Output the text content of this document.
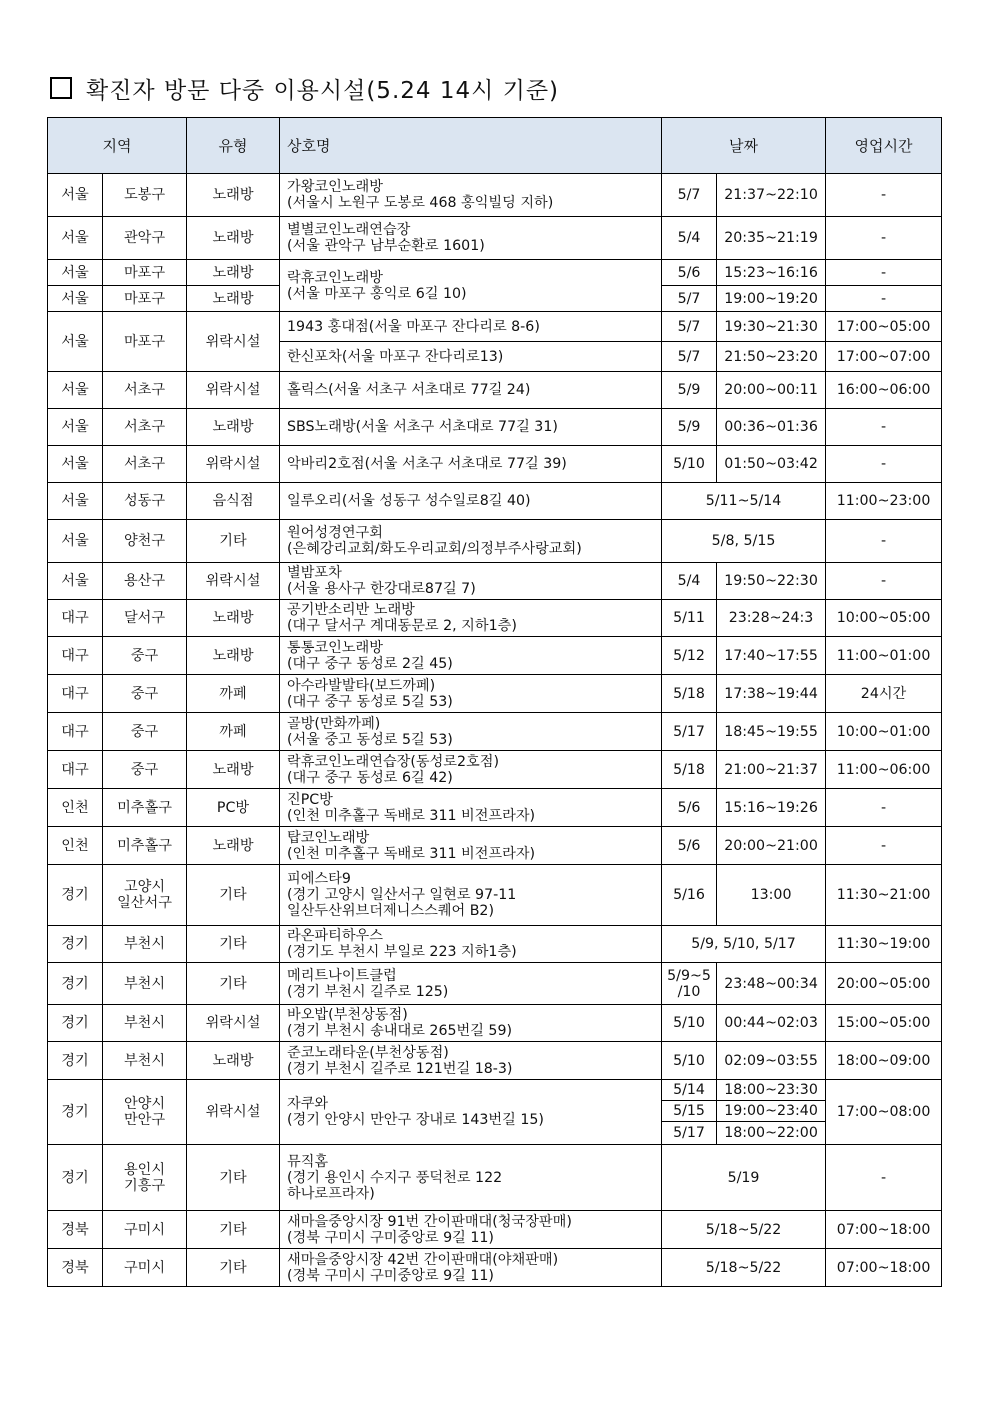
확진자 방문 다중 이용시설(5.24 14시 기준)
지역		유형	상호명	날짜		영업시간
서울	도봉구	노래방	가왕코인노래방
(서울시 노원구 도봉로 468 홍익빌딩 지하)	5/7	21:37~22:10	-
서울	관악구	노래방	별별코인노래연습장
(서울 관악구 남부순환로 1601)	5/4	20:35~21:19	-
서울	마포구	노래방	락휴코인노래방
(서울 마포구 홍익로 6길 10)	5/6	15:23~16:16	-
서울	마포구	노래방		5/7	19:00~19:20	-
서울	마포구	위락시설	1943 홍대점(서울 마포구 잔다리로 8-6)	5/7	19:30~21:30	17:00~05:00

			한신포차(서울 마포구 잔다리로13)	5/7	21:50~23:20	17:00~07:00
서울	서초구	위락시설	홀릭스(서울 서초구 서초대로 77길 24)	5/9	20:00~00:11	16:00~06:00
서울	서초구	노래방	SBS노래방(서울 서초구 서초대로 77길 31)	5/9	00:36~01:36	-
서울	서초구	위락시설	악바리2호점(서울 서초구 서초대로 77길 39)	5/10	01:50~03:42	-
서울	성동구	음식점	일루오리(서울 성동구 성수일로8길 40)	5/11~5/14		11:00~23:00
서울	양천구	기타	원어성경연구회
(은혜강리교회/화도우리교회/의정부주사랑교회)	5/8, 5/15		-
서울	용산구	위락시설	별밤포차
(서울 용사구 한강대로87길 7)	5/4	19:50~22:30	-
대구	달서구	노래방	공기반소리반 노래방
(대구 달서구 계대동문로 2, 지하1층)	5/11	23:28~24:3	10:00~05:00
대구	중구	노래방	통통코인노래방
(대구 중구 동성로 2길 45)	5/12	17:40~17:55	11:00~01:00
대구	중구	까페	아수라발발타(보드까페)
(대구 중구 동성로 5길 53)	5/18	17:38~19:44	24시간
대구	중구	까페	골방(만화까페)
(서울 중고 동성로 5길 53)	5/17	18:45~19:55	10:00~01:00
대구	중구	노래방	락휴코인노래연습장(동성로2호점)
(대구 중구 동성로 6길 42)	5/18	21:00~21:37	11:00~06:00
인천	미추홀구	PC방	진PC방
(인천 미추홀구 독배로 311 비전프라자)	5/6	15:16~19:26	-
인천	미추홀구	노래방	탑코인노래방
(인천 미추홀구 독배로 311 비전프라자)	5/6	20:00~21:00	-
경기	고양시
일산서구	기타	피에스타9
(경기 고양시 일산서구 일현로 97-11
일산두산위브더제니스스퀘어 B2)	5/16	13:00	11:30~21:00
경기	부천시	기타	라온파티하우스
(경기도 부천시 부일로 223 지하1층)	5/9, 5/10, 5/17		11:30~19:00
경기	부천시	기타	메리트나이트클럽
(경기 부천시 길주로 125)	5/9~5
/10	23:48~00:34	20:00~05:00
경기	부천시	위락시설	바오밥(부천상동점)
(경기 부천시 송내대로 265번길 59)	5/10	00:44~02:03	15:00~05:00
경기	부천시	노래방	준코노래타운(부천상동점)
(경기 부천시 길주로 121번길 18-3)	5/10	02:09~03:55	18:00~09:00
경기	안양시
만안구	위락시설	자쿠와
(경기 안양시 만안구 장내로 143번길 15)	5/14	18:00~23:30	17:00~08:00
				5/15	19:00~23:40	
				5/17	18:00~22:00	
경기	용인시
기흥구	기타	뮤직홈
(경기 용인시 수지구 풍덕천로 122
하나로프라자)	5/19		-
경북	구미시	기타	새마을중앙시장 91번 간이판매대(청국장판매)
(경북 구미시 구미중앙로 9길 11)	5/18~5/22		07:00~18:00
경북	구미시	기타	새마을중앙시장 42번 간이판매대(야채판매)
(경북 구미시 구미중앙로 9길 11)	5/18~5/22		07:00~18:00
